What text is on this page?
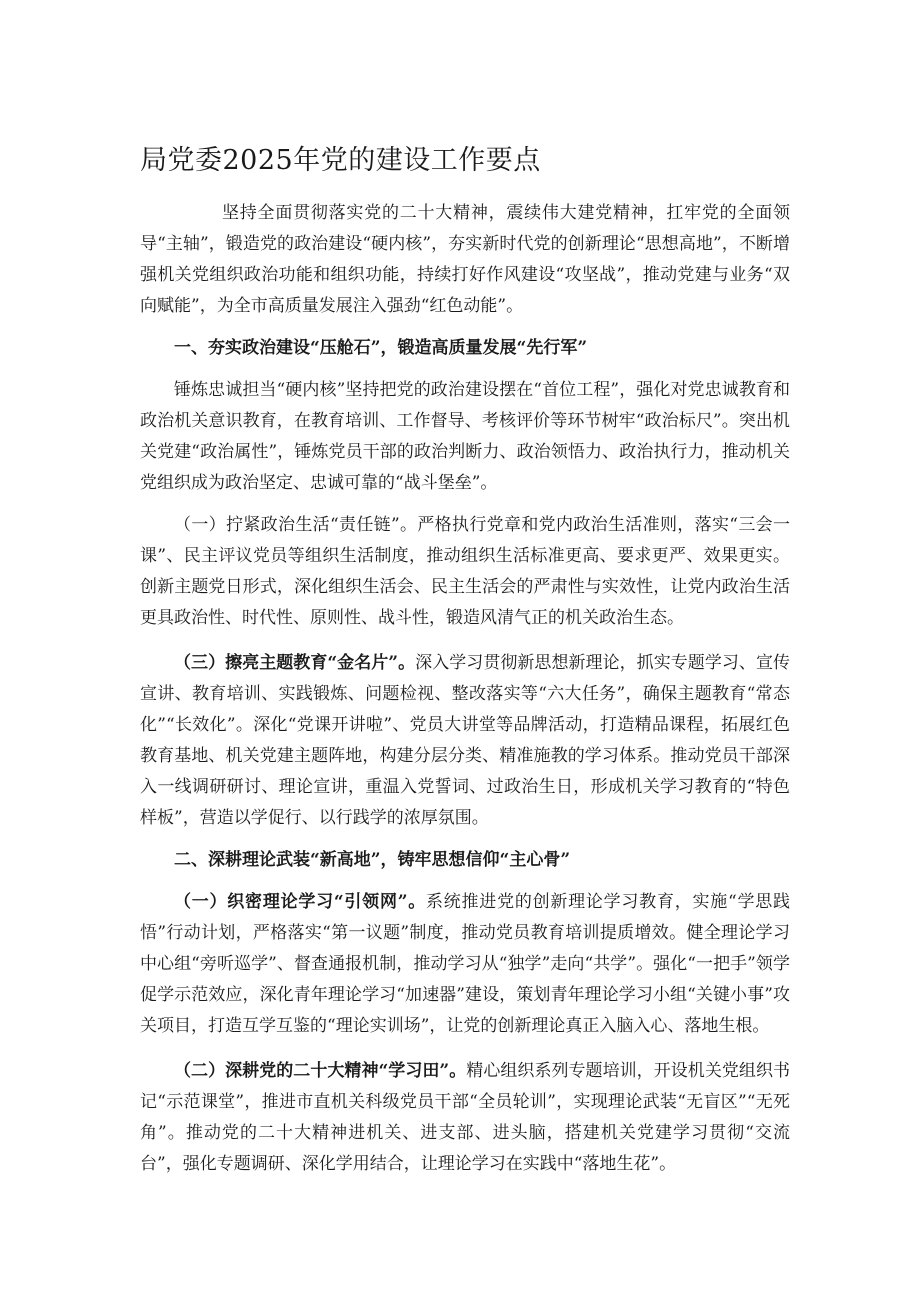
局党委2025年党的建设工作要点

坚持全面贯彻落实党的二十大精神，震续伟大建党精神，扛牢党的全面领导“主轴”，锻造党的政治建设“硬内核”，夯实新时代党的创新理论“思想高地”，不断增强机关党组织政治功能和组织功能，持续打好作风建设“攻坚战”，推动党建与业务“双向赋能”，为全市高质量发展注入强劲“红色动能”。

一、夯实政治建设“压舱石”，锻造高质量发展“先行军”

锤炼忠诚担当“硬内核”坚持把党的政治建设摆在“首位工程”，强化对党忠诚教育和政治机关意识教育，在教育培训、工作督导、考核评价等环节树牢“政治标尺”。突出机关党建“政治属性”，锤炼党员干部的政治判断力、政治领悟力、政治执行力，推动机关党组织成为政治坚定、忠诚可靠的“战斗堡垒”。

（一）拧紧政治生活“责任链”。严格执行党章和党内政治生活准则，落实“三会一课”、民主评议党员等组织生活制度，推动组织生活标准更高、要求更严、效果更实。创新主题党日形式，深化组织生活会、民主生活会的严肃性与实效性，让党内政治生活更具政治性、时代性、原则性、战斗性，锻造风清气正的机关政治生态。

（三）擦亮主题教育“金名片”。深入学习贯彻新思想新理论，抓实专题学习、宣传宣讲、教育培训、实践锻炼、问题检视、整改落实等“六大任务”，确保主题教育“常态化”“长效化”。深化“党课开讲啦”、党员大讲堂等品牌活动，打造精品课程，拓展红色教育基地、机关党建主题阵地，构建分层分类、精准施教的学习体系。推动党员干部深入一线调研研讨、理论宣讲，重温入党誓词、过政治生日，形成机关学习教育的“特色样板”，营造以学促行、以行践学的浓厚氛围。

二、深耕理论武装“新高地”，铸牢思想信仰“主心骨”

（一）织密理论学习“引领网”。系统推进党的创新理论学习教育，实施“学思践悟”行动计划，严格落实“第一议题”制度，推动党员教育培训提质增效。健全理论学习中心组“旁听巡学”、督查通报机制，推动学习从“独学”走向“共学”。强化“一把手”领学促学示范效应，深化青年理论学习“加速器”建设，策划青年理论学习小组“关键小事”攻关项目，打造互学互鉴的“理论实训场”，让党的创新理论真正入脑入心、落地生根。

（二）深耕党的二十大精神“学习田”。精心组织系列专题培训，开设机关党组织书记“示范课堂”，推进市直机关科级党员干部“全员轮训”，实现理论武装“无盲区”“无死角”。推动党的二十大精神进机关、进支部、进头脑，搭建机关党建学习贯彻“交流台”，强化专题调研、深化学用结合，让理论学习在实践中“落地生花”。
